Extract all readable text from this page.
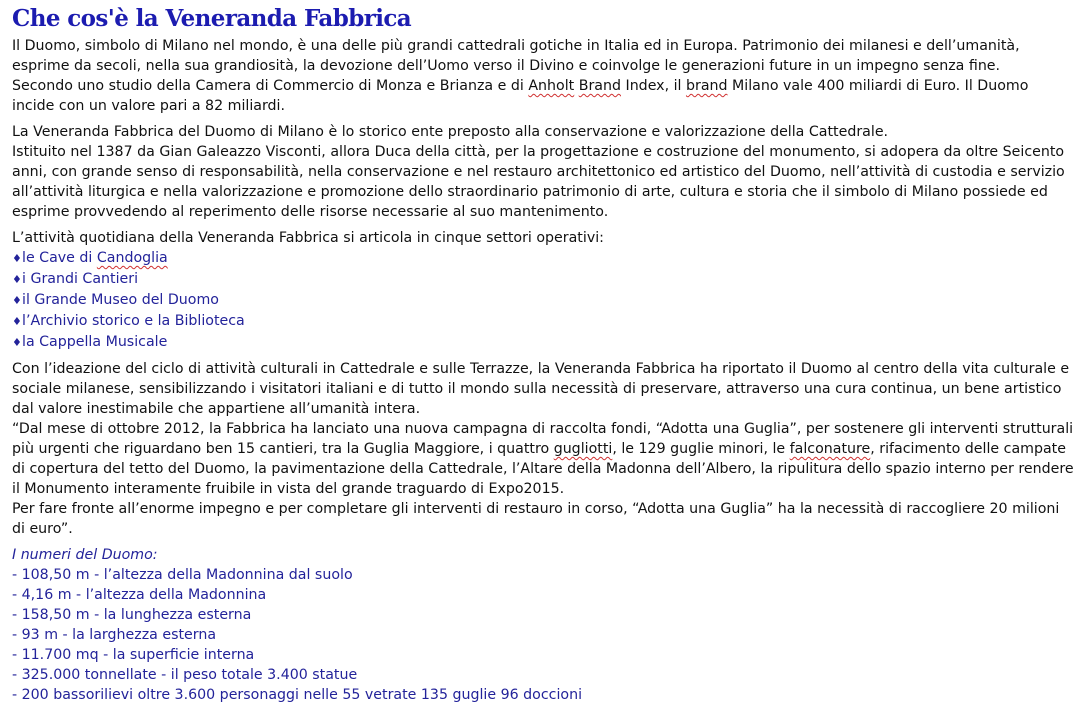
Che cos'è la Veneranda Fabbrica

Il Duomo, simbolo di Milano nel mondo, è una delle più grandi cattedrali gotiche in Italia ed in Europa. Patrimonio dei milanesi e dell’umanità, esprime da secoli, nella sua grandiosità, la devozione dell’Uomo verso il Divino e coinvolge le generazioni future in un impegno senza fine.
Secondo uno studio della Camera di Commercio di Monza e Brianza e di Anholt Brand Index, il brand Milano vale 400 miliardi di Euro. Il Duomo incide con un valore pari a 82 miliardi.

La Veneranda Fabbrica del Duomo di Milano è lo storico ente preposto alla conservazione e valorizzazione della Cattedrale.
Istituito nel 1387 da Gian Galeazzo Visconti, allora Duca della città, per la progettazione e costruzione del monumento, si adopera da oltre Seicento anni, con grande senso di responsabilità, nella conservazione e nel restauro architettonico ed artistico del Duomo, nell’attività di custodia e servizio all’attività liturgica e nella valorizzazione e promozione dello straordinario patrimonio di arte, cultura e storia che il simbolo di Milano possiede ed esprime provvedendo al reperimento delle risorse necessarie al suo mantenimento.

L’attività quotidiana della Veneranda Fabbrica si articola in cinque settori operativi:

♦le Cave di Candoglia
♦i Grandi Cantieri
♦il Grande Museo del Duomo
♦l’Archivio storico e la Biblioteca
♦la Cappella Musicale

Con l’ideazione del ciclo di attività culturali in Cattedrale e sulle Terrazze, la Veneranda Fabbrica ha riportato il Duomo al centro della vita culturale e sociale milanese, sensibilizzando i visitatori italiani e di tutto il mondo sulla necessità di preservare, attraverso una cura continua, un bene artistico dal valore inestimabile che appartiene all’umanità intera.
“Dal mese di ottobre 2012, la Fabbrica ha lanciato una nuova campagna di raccolta fondi, “Adotta una Guglia”, per sostenere gli interventi strutturali più urgenti che riguardano ben 15 cantieri, tra la Guglia Maggiore, i quattro gugliotti, le 129 guglie minori, le falconature, rifacimento delle campate di copertura del tetto del Duomo, la pavimentazione della Cattedrale, l’Altare della Madonna dell’Albero, la ripulitura dello spazio interno per rendere il Monumento interamente fruibile in vista del grande traguardo di Expo2015.
Per fare fronte all’enorme impegno e per completare gli interventi di restauro in corso, “Adotta una Guglia” ha la necessità di raccogliere 20 milioni di euro”.

I numeri del Duomo:

- 108,50 m - l’altezza della Madonnina dal suolo
- 4,16 m - l’altezza della Madonnina
- 158,50 m - la lunghezza esterna
- 93 m - la larghezza esterna
- 11.700 mq - la superficie interna
- 325.000 tonnellate - il peso totale 3.400 statue
- 200 bassorilievi oltre 3.600 personaggi nelle 55 vetrate 135 guglie 96 doccioni
